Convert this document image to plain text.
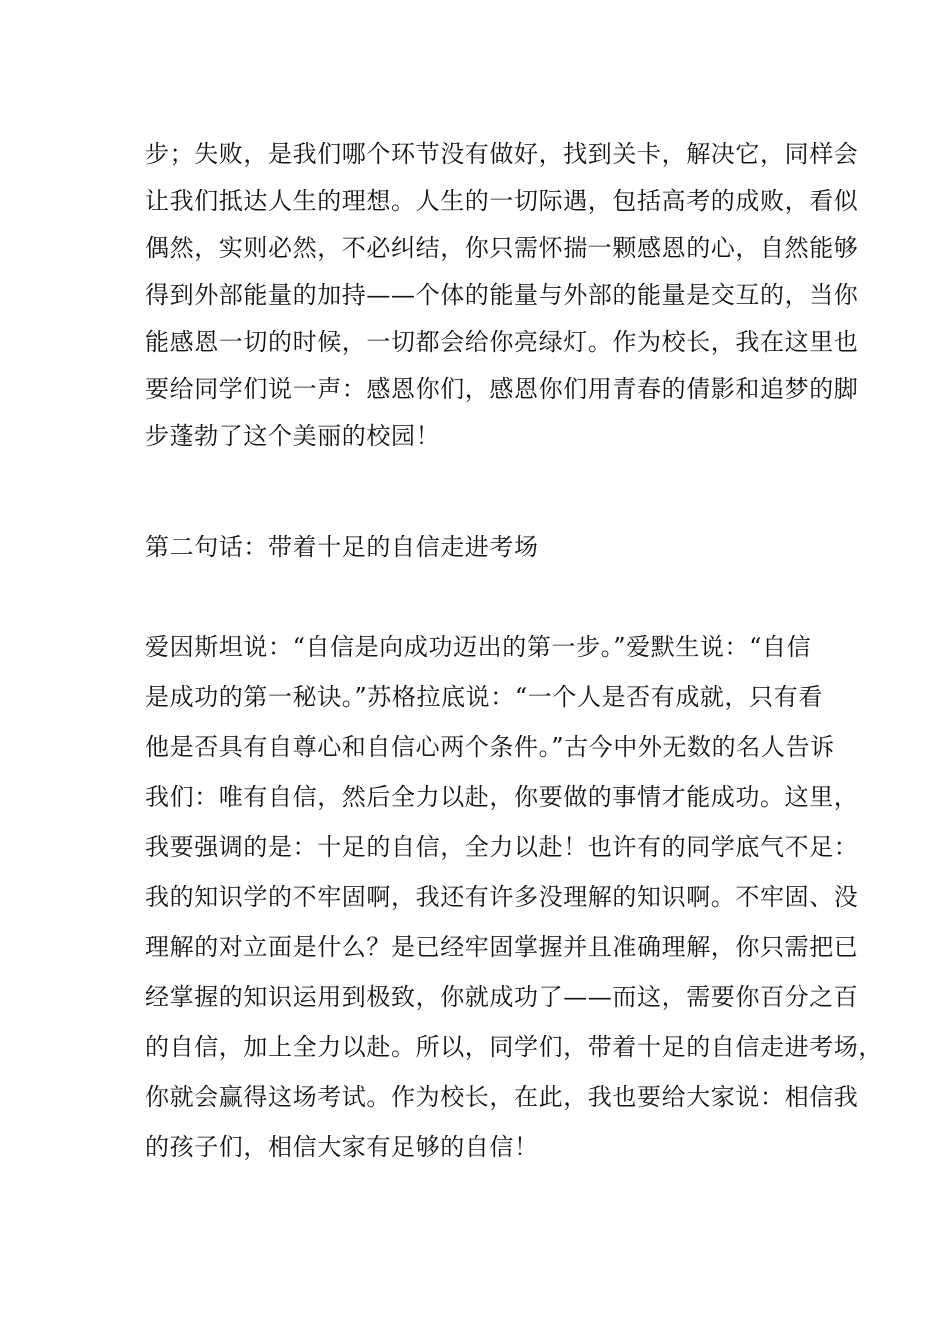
步；失败，是我们哪个环节没有做好，找到关卡，解决它，同样会
让我们抵达人生的理想。人生的一切际遇，包括高考的成败，看似
偶然，实则必然，不必纠结，你只需怀揣一颗感恩的心，自然能够
得到外部能量的加持——个体的能量与外部的能量是交互的，当你
能感恩一切的时候，一切都会给你亮绿灯。作为校长，我在这里也
要给同学们说一声：感恩你们，感恩你们用青春的倩影和追梦的脚
步蓬勃了这个美丽的校园！
第二句话：带着十足的自信走进考场
爱因斯坦说：“自信是向成功迈出的第一步。”爱默生说：“自信
是成功的第一秘诀。”苏格拉底说：“一个人是否有成就，只有看
他是否具有自尊心和自信心两个条件。”古今中外无数的名人告诉
我们：唯有自信，然后全力以赴，你要做的事情才能成功。这里，
我要强调的是：十足的自信，全力以赴！也许有的同学底气不足：
我的知识学的不牢固啊，我还有许多没理解的知识啊。不牢固、没
理解的对立面是什么？是已经牢固掌握并且准确理解，你只需把已
经掌握的知识运用到极致，你就成功了——而这，需要你百分之百
的自信，加上全力以赴。所以，同学们，带着十足的自信走进考场，
你就会赢得这场考试。作为校长，在此，我也要给大家说：相信我
的孩子们，相信大家有足够的自信！
